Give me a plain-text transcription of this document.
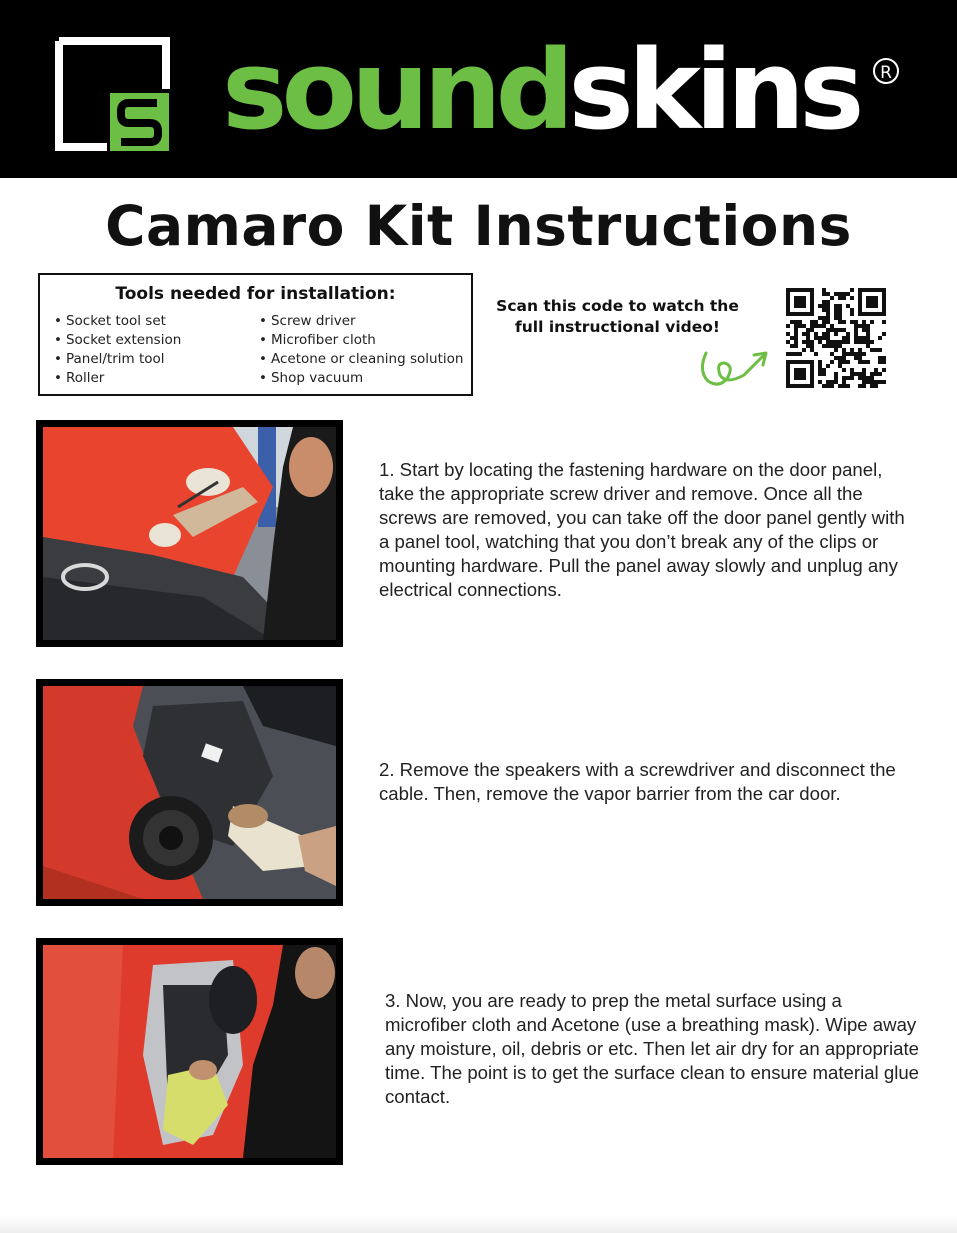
soundskins	R
Camaro Kit Instructions
Tools needed for installation:
• Socket tool set
• Socket extension
• Panel/trim tool
• Roller
• Screw driver
• Microfiber cloth
• Acetone or cleaning solution
• Shop vacuum
Scan this code to watch the
full instructional video!
1. Start by locating the fastening hardware on the door panel, take the appropriate screw driver and remove. Once all the screws are removed, you can take off the door panel gently with a panel tool, watching that you don’t break any of the clips or mounting hardware. Pull the panel away slowly and unplug any electrical connections.
2. Remove the speakers with a screwdriver and disconnect the cable. Then, remove the vapor barrier from the car door.
3. Now, you are ready to prep the metal surface using a microfiber cloth and Acetone (use a breathing mask). Wipe away any moisture, oil, debris or etc. Then let air dry for an appropriate time. The point is to get the surface clean to ensure material glue contact.
